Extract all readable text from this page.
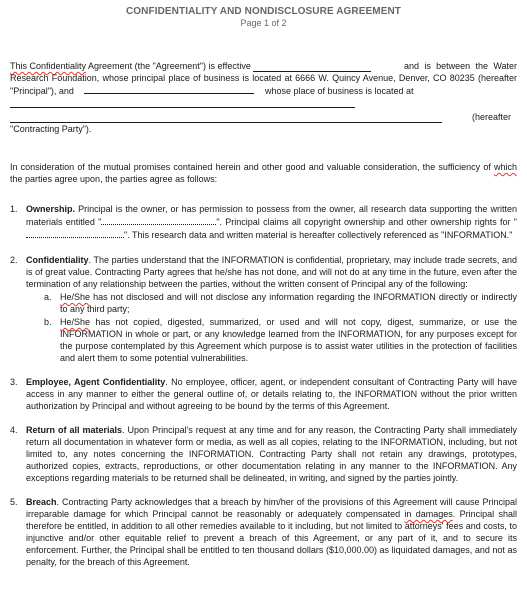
CONFIDENTIALITY AND NONDISCLOSURE AGREEMENT
Page 1 of 2
This Confidentiality Agreement (the "Agreement") is effective	and is between the Water Research Foundation, whose principal place of business is located at 6666 W. Quincy Avenue, Denver, CO 80235 (hereafter "Principal"), and	whose place of business is located at
(hereafter
"Contracting Party").
In consideration of the mutual promises contained herein and other good and valuable consideration, the sufficiency of which the parties agree upon, the parties agree as follows:
1. Ownership. Principal is the owner, or has permission to possess from the owner, all research data supporting the written materials entitled "	". Principal claims all copyright ownership and other ownership rights for "". This research data and written material is hereafter collectively referenced as "INFORMATION."
2. Confidentiality. The parties understand that the INFORMATION is confidential, proprietary, may include trade secrets, and is of great value. Contracting Party agrees that he/she has not done, and will not do at any time in the future, even after the termination of any relationship between the parties, without the written consent of Principal any of the following:
a. He/She has not disclosed and will not disclose any information regarding the INFORMATION directly or indirectly to any third party;
b. He/She has not copied, digested, summarized, or used and will not copy, digest, summarize, or use the INFORMATION in whole or part, or any knowledge learned from the INFORMATION, for any purposes except for the purpose contemplated by this Agreement which purpose is to assist water utilities in the protection of facilities and alert them to some potential vulnerabilities.
3. Employee, Agent Confidentiality. No employee, officer, agent, or independent consultant of Contracting Party will have access in any manner to either the general outline of, or details relating to, the INFORMATION without the prior written authorization by Principal and without agreeing to be bound by the terms of this Agreement.
4. Return of all materials. Upon Principal's request at any time and for any reason, the Contracting Party shall immediately return all documentation in whatever form or media, as well as all copies, relating to the INFORMATION, including, but not limited to, any notes concerning the INFORMATION. Contracting Party shall not retain any drawings, prototypes, authorized copies, extracts, reproductions, or other documentation relating in any manner to the INFORMATION. Any exceptions regarding materials to be returned shall be delineated, in writing, and signed by the parties jointly.
5. Breach. Contracting Party acknowledges that a breach by him/her of the provisions of this Agreement will cause Principal irreparable damage for which Principal cannot be reasonably or adequately compensated in damages. Principal shall therefore be entitled, in addition to all other remedies available to it including, but not limited to attorneys' fees and costs, to injunctive and/or other equitable relief to prevent a breach of this Agreement, or any part of it, and to secure its enforcement. Further, the Principal shall be entitled to ten thousand dollars ($10,000.00) as liquidated damages, and not as penalty, for the breach of this Agreement.
